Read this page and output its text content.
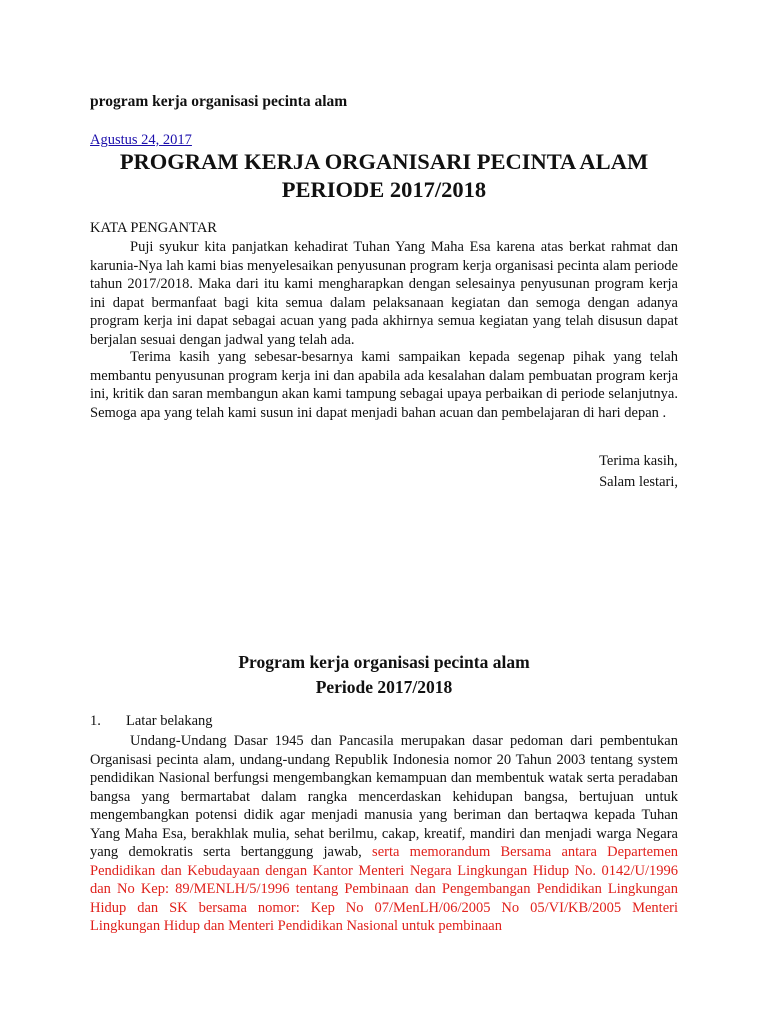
program kerja organisasi pecinta alam
Agustus 24, 2017
PROGRAM KERJA ORGANISARI PECINTA ALAM
PERIODE 2017/2018
KATA PENGANTAR

Puji syukur kita panjatkan kehadirat Tuhan Yang Maha Esa karena atas berkat rahmat dan karunia-Nya lah kami bias menyelesaikan penyusunan program kerja organisasi pecinta alam periode tahun 2017/2018. Maka dari itu kami mengharapkan dengan selesainya penyusunan program kerja ini dapat bermanfaat bagi kita semua dalam pelaksanaan kegiatan dan semoga dengan adanya program kerja ini dapat sebagai acuan yang pada akhirnya semua kegiatan yang telah disusun dapat berjalan sesuai dengan jadwal yang telah ada.

Terima kasih yang sebesar-besarnya kami sampaikan kepada segenap pihak yang telah membantu penyusunan program kerja ini dan apabila ada kesalahan dalam pembuatan program kerja ini, kritik dan saran membangun akan kami tampung sebagai upaya perbaikan di periode selanjutnya. Semoga apa yang telah kami susun ini dapat menjadi bahan acuan dan pembelajaran di hari depan .

Terima kasih,
Salam lestari,
Program kerja organisasi pecinta alam
Periode 2017/2018
1. Latar belakang

Undang-Undang Dasar 1945 dan Pancasila merupakan dasar pedoman dari pembentukan Organisasi pecinta alam, undang-undang Republik Indonesia nomor 20 Tahun 2003 tentang system pendidikan Nasional berfungsi mengembangkan kemampuan dan membentuk watak serta peradaban bangsa yang bermartabat dalam rangka mencerdaskan kehidupan bangsa, bertujuan untuk mengembangkan potensi didik agar menjadi manusia yang beriman dan bertaqwa kepada Tuhan Yang Maha Esa, berakhlak mulia, sehat berilmu, cakap, kreatif, mandiri dan menjadi warga Negara yang demokratis serta bertanggung jawab, serta memorandum Bersama antara Departemen Pendidikan dan Kebudayaan dengan Kantor Menteri Negara Lingkungan Hidup No. 0142/U/1996 dan No Kep: 89/MENLH/5/1996 tentang Pembinaan dan Pengembangan Pendidikan Lingkungan Hidup dan SK bersama nomor: Kep No 07/MenLH/06/2005 No 05/VI/KB/2005 Menteri Lingkungan Hidup dan Menteri Pendidikan Nasional untuk pembinaan
